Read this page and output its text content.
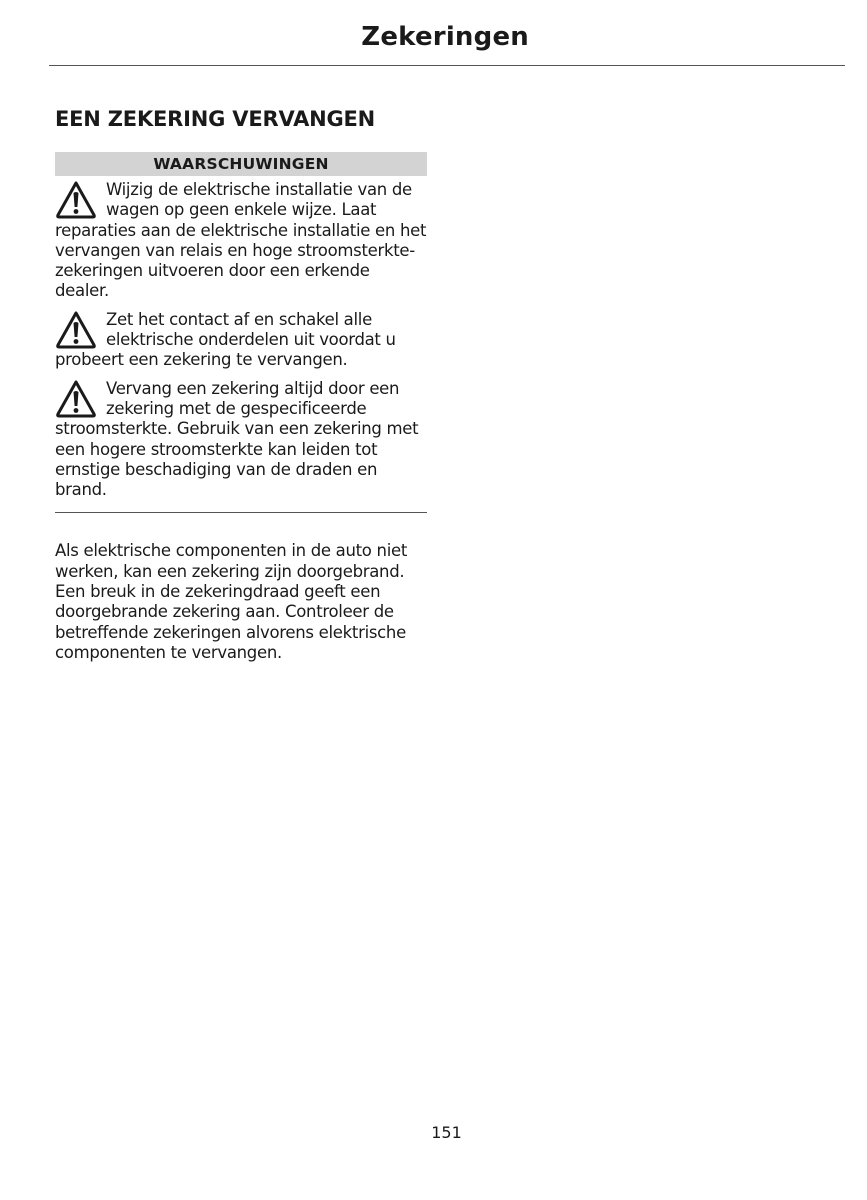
Zekeringen
EEN ZEKERING VERVANGEN
WAARSCHUWINGEN
Wijzig de elektrische installatie van de wagen op geen enkele wijze. Laat reparaties aan de elektrische installatie en het vervangen van relais en hoge stroomsterkte-zekeringen uitvoeren door een erkende dealer.
Zet het contact af en schakel alle elektrische onderdelen uit voordat u probeert een zekering te vervangen.
Vervang een zekering altijd door een zekering met de gespecificeerde stroomsterkte. Gebruik van een zekering met een hogere stroomsterkte kan leiden tot ernstige beschadiging van de draden en brand.

Als elektrische componenten in de auto niet werken, kan een zekering zijn doorgebrand. Een breuk in de zekeringdraad geeft een doorgebrande zekering aan. Controleer de betreffende zekeringen alvorens elektrische componenten te vervangen.

151
